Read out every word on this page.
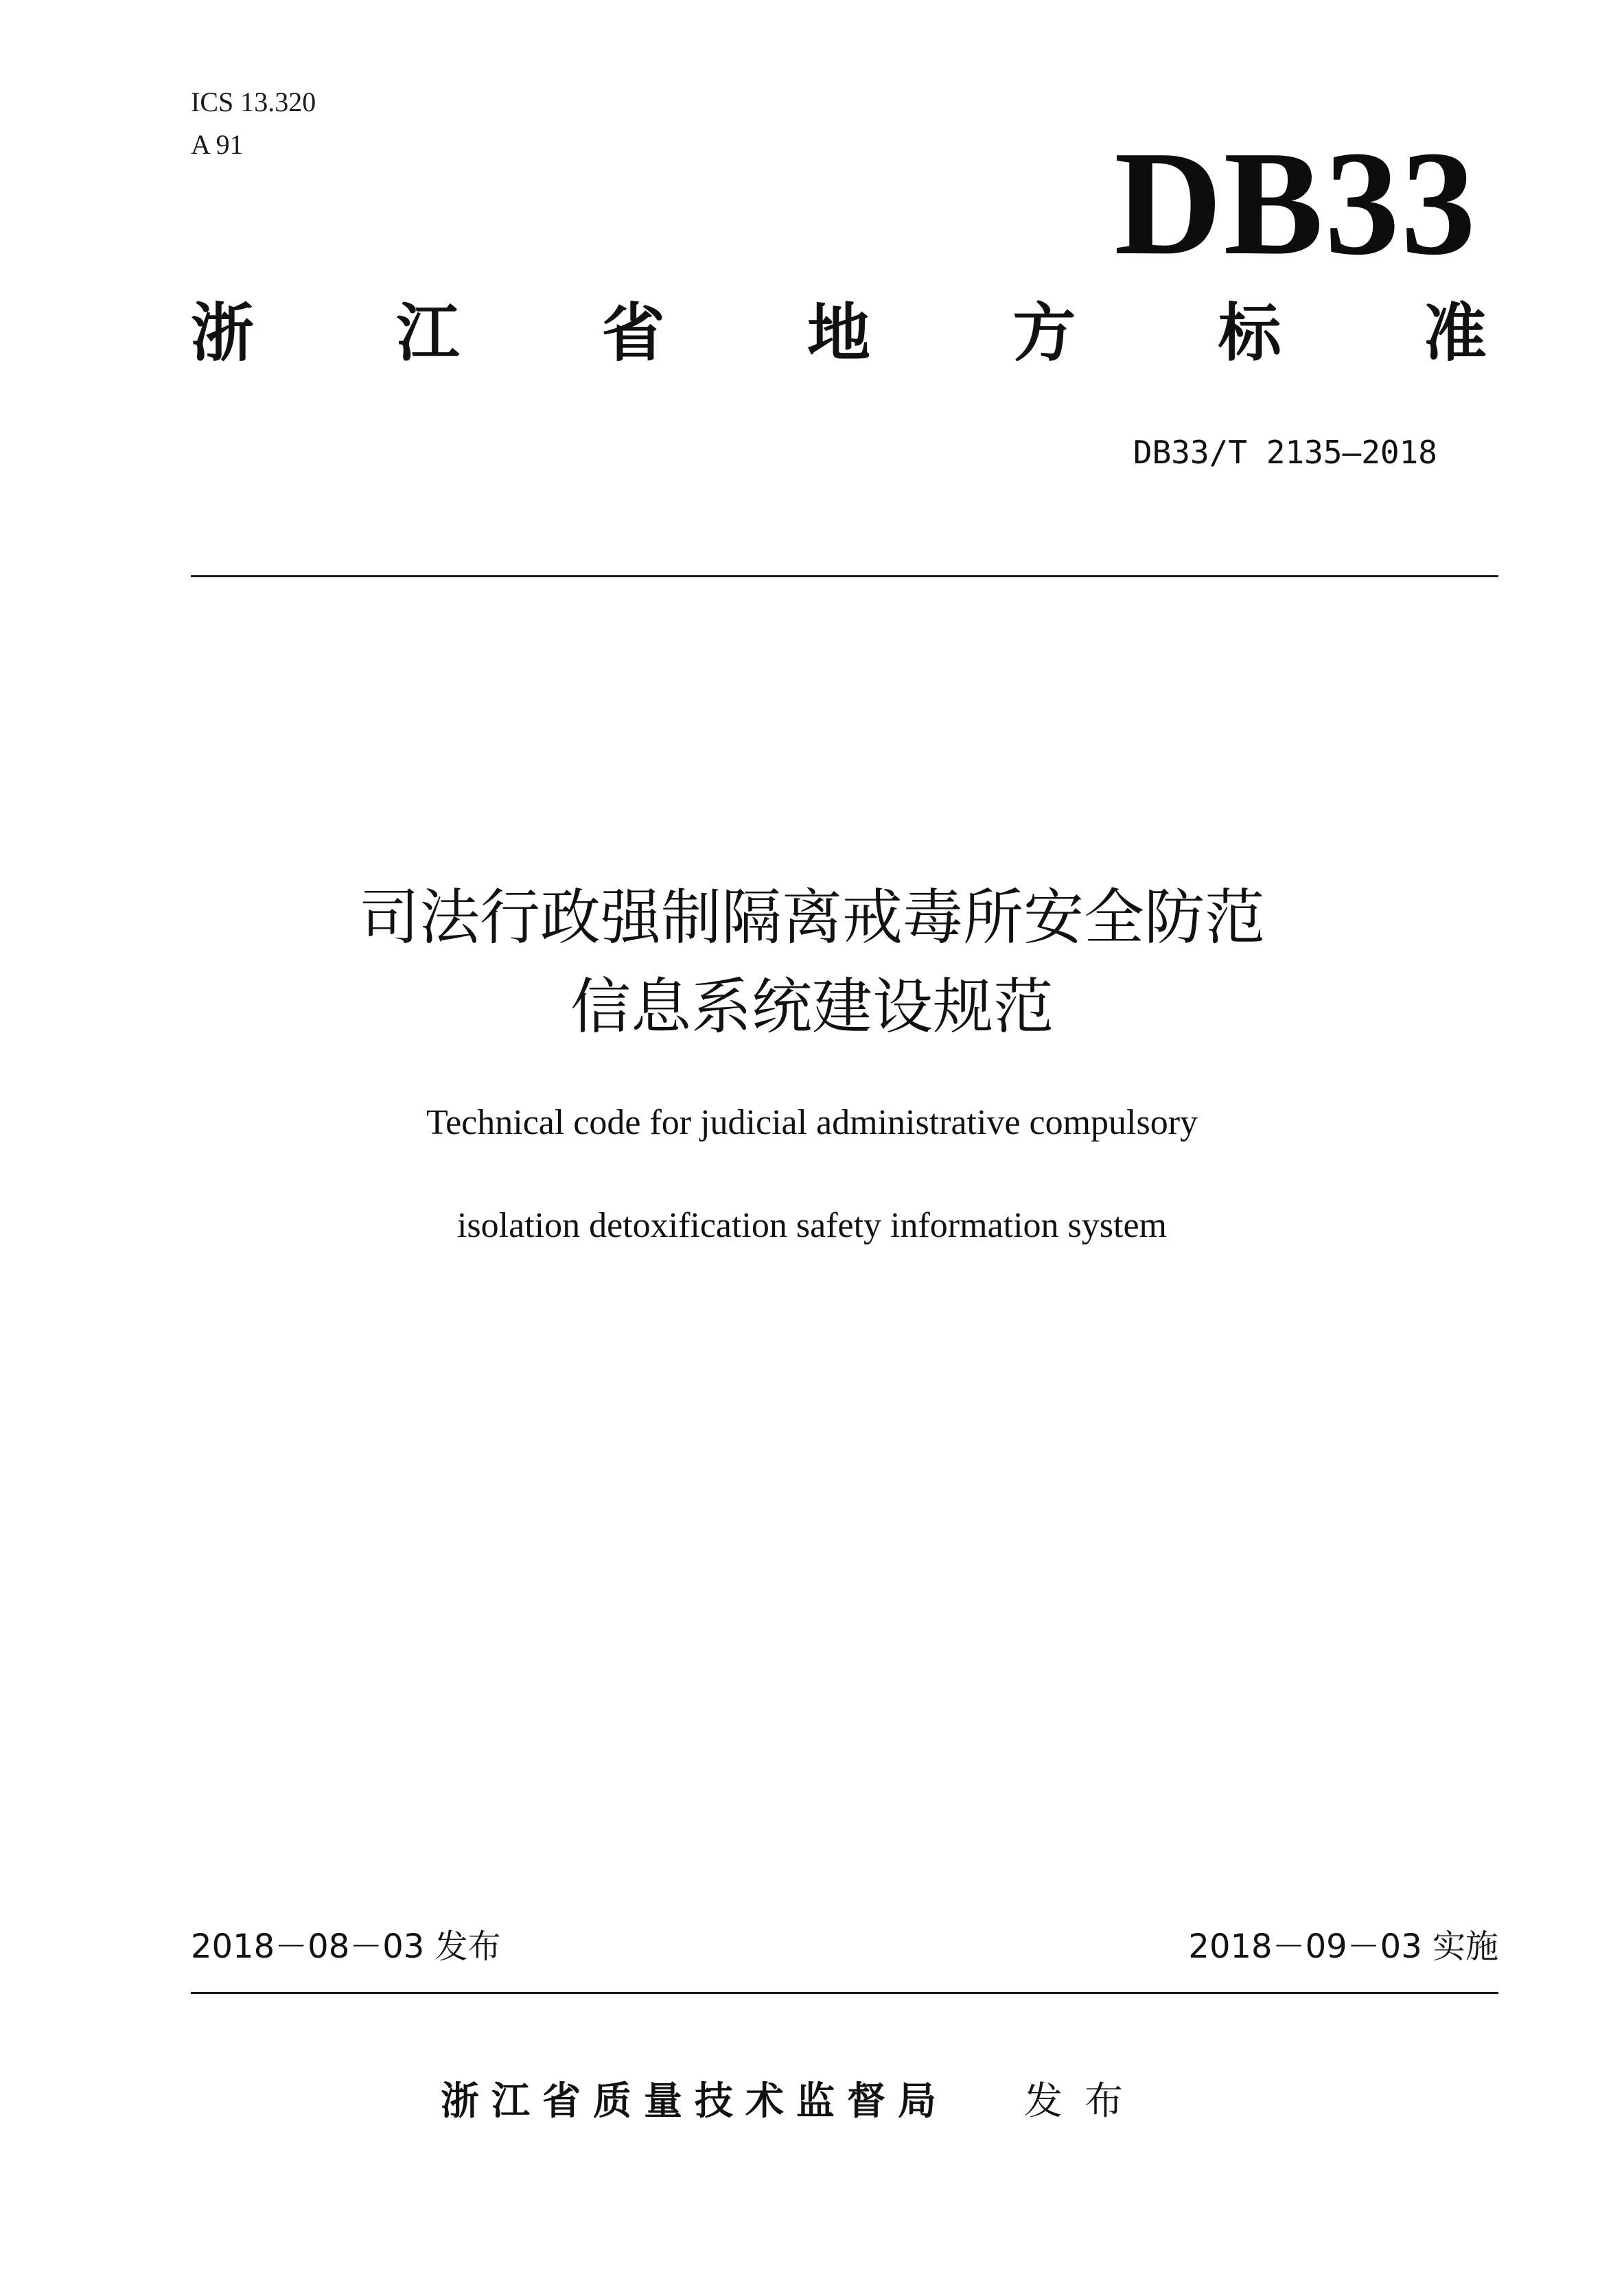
ICS 13.320
A 91	DB33
浙 江 省 地 方 标 准
DB33/T 2135—2018
司法行政强制隔离戒毒所安全防范
信息系统建设规范
Technical code for judicial administrative compulsory
isolation detoxification safety information system
2018－08－03 发布	2018－09－03 实施
浙江省质量技术监督局 发布
